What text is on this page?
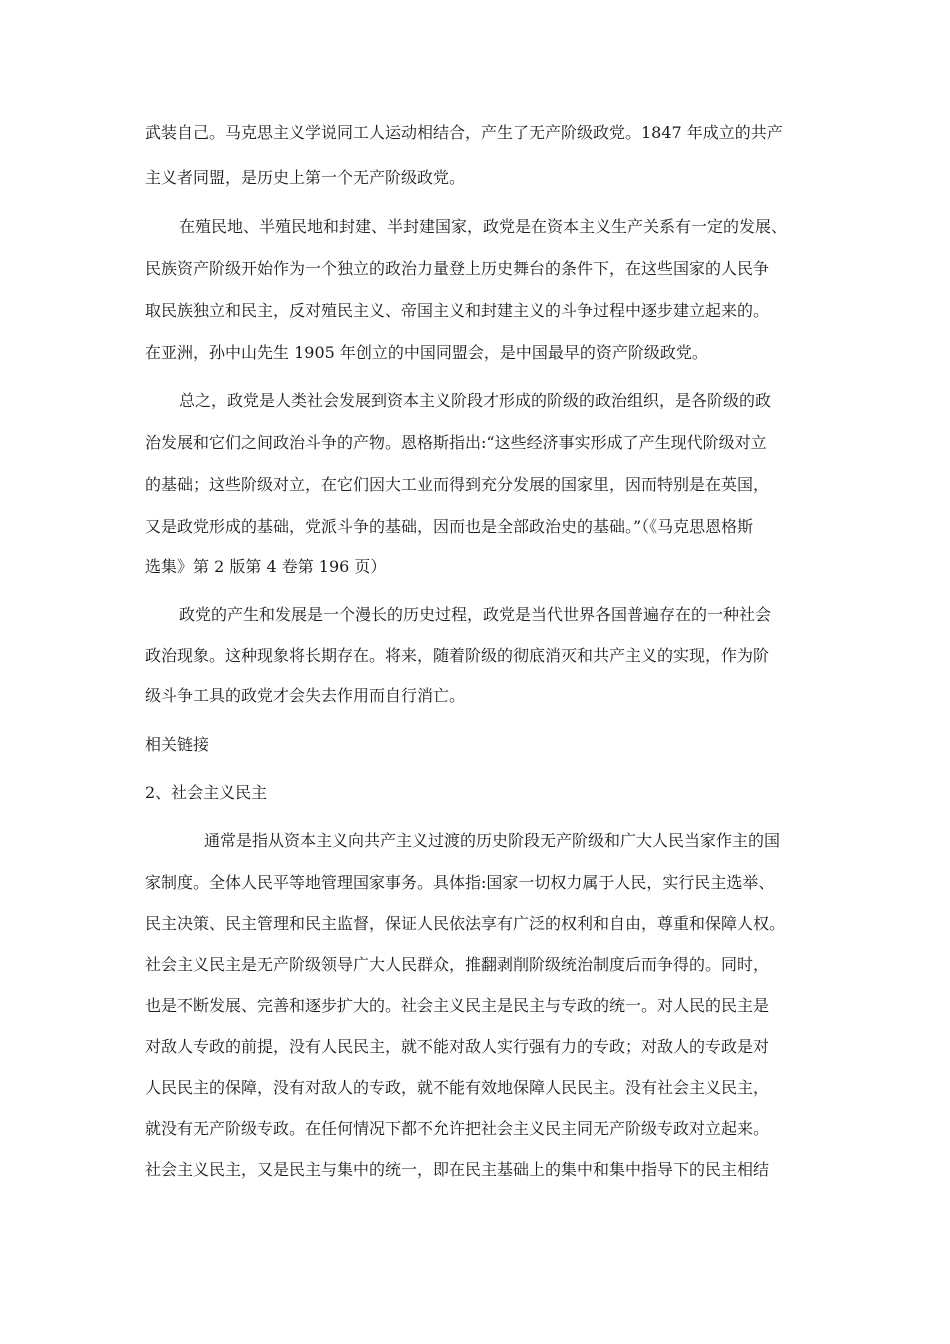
武装自己。马克思主义学说同工人运动相结合，产生了无产阶级政党。1847 年成立的共产
主义者同盟，是历史上第一个无产阶级政党。
在殖民地、半殖民地和封建、半封建国家，政党是在资本主义生产关系有一定的发展、
民族资产阶级开始作为一个独立的政治力量登上历史舞台的条件下，在这些国家的人民争
取民族独立和民主，反对殖民主义、帝国主义和封建主义的斗争过程中逐步建立起来的。
在亚洲，孙中山先生 1905 年创立的中国同盟会，是中国最早的资产阶级政党。
总之，政党是人类社会发展到资本主义阶段才形成的阶级的政治组织，是各阶级的政
治发展和它们之间政治斗争的产物。恩格斯指出:“这些经济事实形成了产生现代阶级对立
的基础；这些阶级对立，在它们因大工业而得到充分发展的国家里，因而特别是在英国，
又是政党形成的基础，党派斗争的基础，因而也是全部政治史的基础。”（《马克思恩格斯
选集》第 2 版第 4 卷第 196 页）
政党的产生和发展是一个漫长的历史过程，政党是当代世界各国普遍存在的一种社会
政治现象。这种现象将长期存在。将来，随着阶级的彻底消灭和共产主义的实现，作为阶
级斗争工具的政党才会失去作用而自行消亡。
相关链接
2、社会主义民主
通常是指从资本主义向共产主义过渡的历史阶段无产阶级和广大人民当家作主的国
家制度。全体人民平等地管理国家事务。具体指:国家一切权力属于人民，实行民主选举、
民主决策、民主管理和民主监督，保证人民依法享有广泛的权利和自由，尊重和保障人权。
社会主义民主是无产阶级领导广大人民群众，推翻剥削阶级统治制度后而争得的。同时，
也是不断发展、完善和逐步扩大的。社会主义民主是民主与专政的统一。对人民的民主是
对敌人专政的前提，没有人民民主，就不能对敌人实行强有力的专政；对敌人的专政是对
人民民主的保障，没有对敌人的专政，就不能有效地保障人民民主。没有社会主义民主，
就没有无产阶级专政。在任何情况下都不允许把社会主义民主同无产阶级专政对立起来。
社会主义民主，又是民主与集中的统一，即在民主基础上的集中和集中指导下的民主相结
